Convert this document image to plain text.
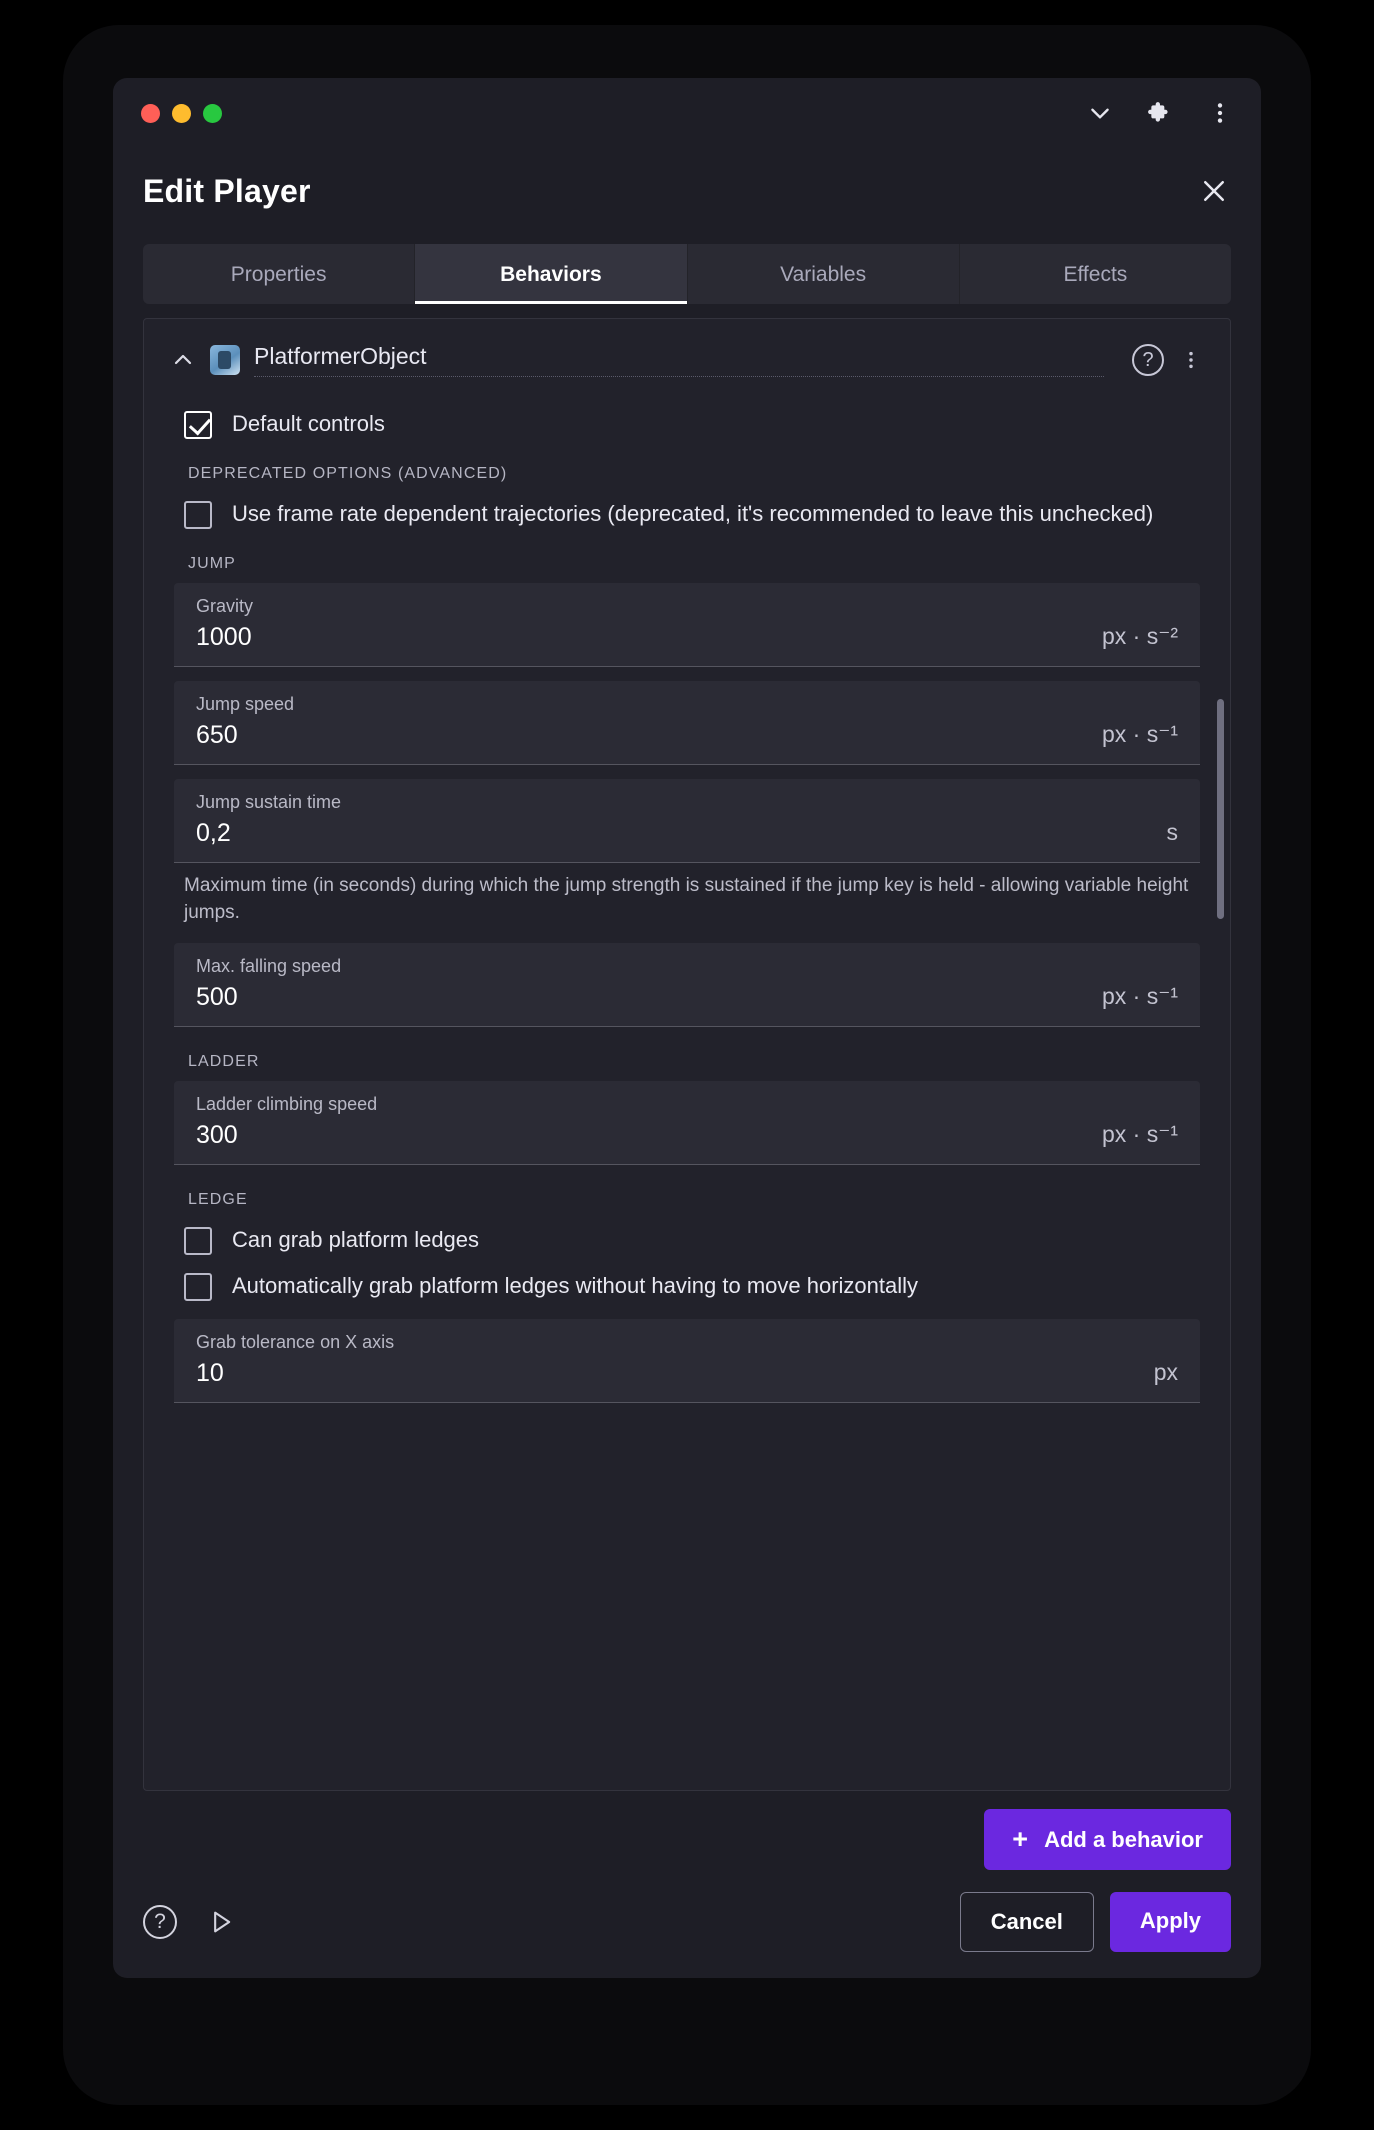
Edit Player
Properties	Behaviors	Variables	Effects
PlatformerObject	?
Default controls
DEPRECATED OPTIONS (ADVANCED)
Use frame rate dependent trajectories (deprecated, it's recommended to leave this unchecked)
JUMP
Gravity
1000	px · s⁻²
Jump speed
650	px · s⁻¹
Jump sustain time
0,2	s
Maximum time (in seconds) during which the jump strength is sustained if the jump key is held - allowing variable height jumps.
Max. falling speed
500	px · s⁻¹
LADDER
Ladder climbing speed
300	px · s⁻¹
LEDGE
Can grab platform ledges
Automatically grab platform ledges without having to move horizontally
Grab tolerance on X axis
10	px
+ Add a behavior
?	Cancel	Apply
